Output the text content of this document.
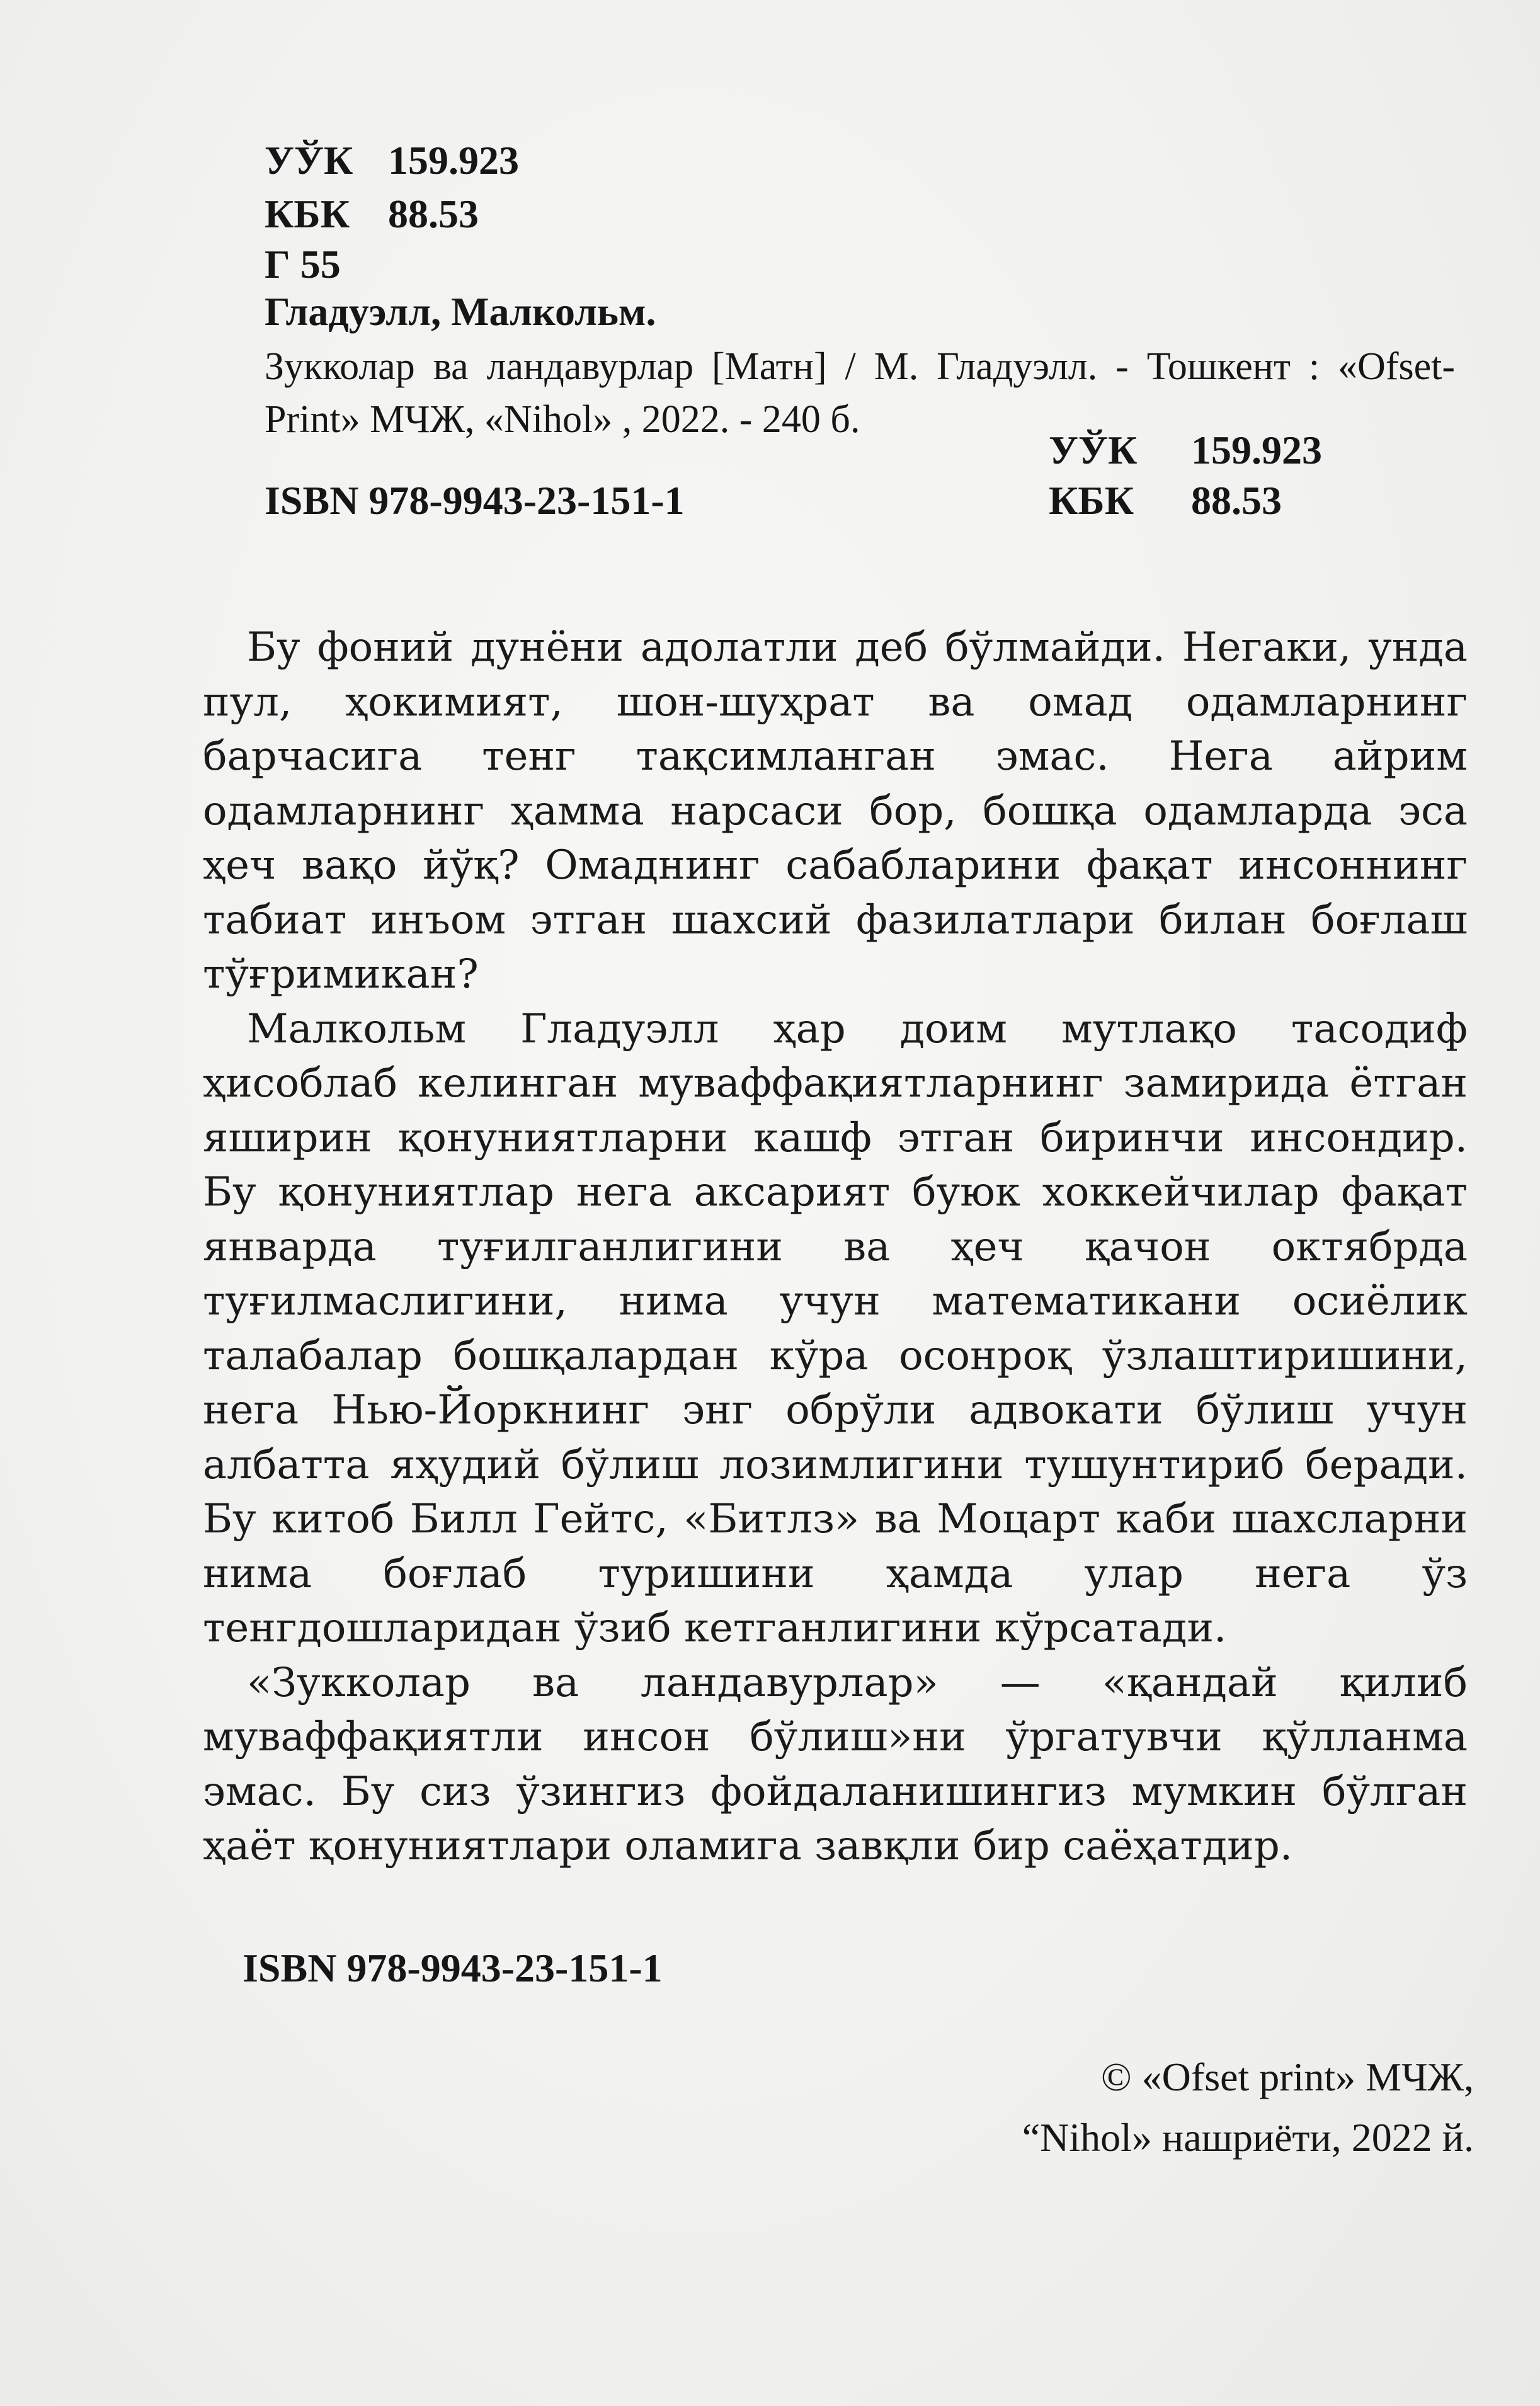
УЎК 159.923
КБК 88.53
Г 55
Гладуэлл, Малкольм.
Зукколар ва ландавурлар [Матн] / М. Гладуэлл. - Тошкент : «Ofset-Print» МЧЖ, «Nihol» , 2022. - 240 б.
УЎК 159.923
КБК 88.53
ISBN 978-9943-23-151-1

Бу фоний дунёни адолатли деб бўлмайди. Негаки, унда пул, ҳокимият, шон-шуҳрат ва омад одамларнинг барчасига тенг тақсимланган эмас. Нега айрим одамларнинг ҳамма нарсаси бор, бошқа одамларда эса ҳеч вақо йўқ? Омаднинг сабабларини фақат инсоннинг табиат инъом этган шахсий фазилатлари билан боғлаш тўғримикан?

Малкольм Гладуэлл ҳар доим мутлақо тасодиф ҳисоблаб келинган муваффақиятларнинг замирида ётган яширин қонуниятларни кашф этган биринчи инсондир. Бу қонуниятлар нега аксарият буюк хоккейчилар фақат январда туғилганлигини ва ҳеч қачон октябрда туғилмаслигини, нима учун математикани осиёлик талабалар бошқалардан кўра осонроқ ўзлаштиришини, нега Нью-Йоркнинг энг обрўли адвокати бўлиш учун албатта яҳудий бўлиш лозимлигини тушунтириб беради. Бу китоб Билл Гейтс, «Битлз» ва Моцарт каби шахсларни нима боғлаб туришини ҳамда улар нега ўз тенгдошларидан ўзиб кетганлигини кўрсатади.

«Зукколар ва ландавурлар» — «қандай қилиб муваффақиятли инсон бўлиш»ни ўргатувчи қўлланма эмас. Бу сиз ўзингиз фойдаланишингиз мумкин бўлган ҳаёт қонуниятлари оламига завқли бир саёҳатдир.

ISBN 978-9943-23-151-1
© «Ofset print» МЧЖ,
“Nihol» нашриёти, 2022 й.
